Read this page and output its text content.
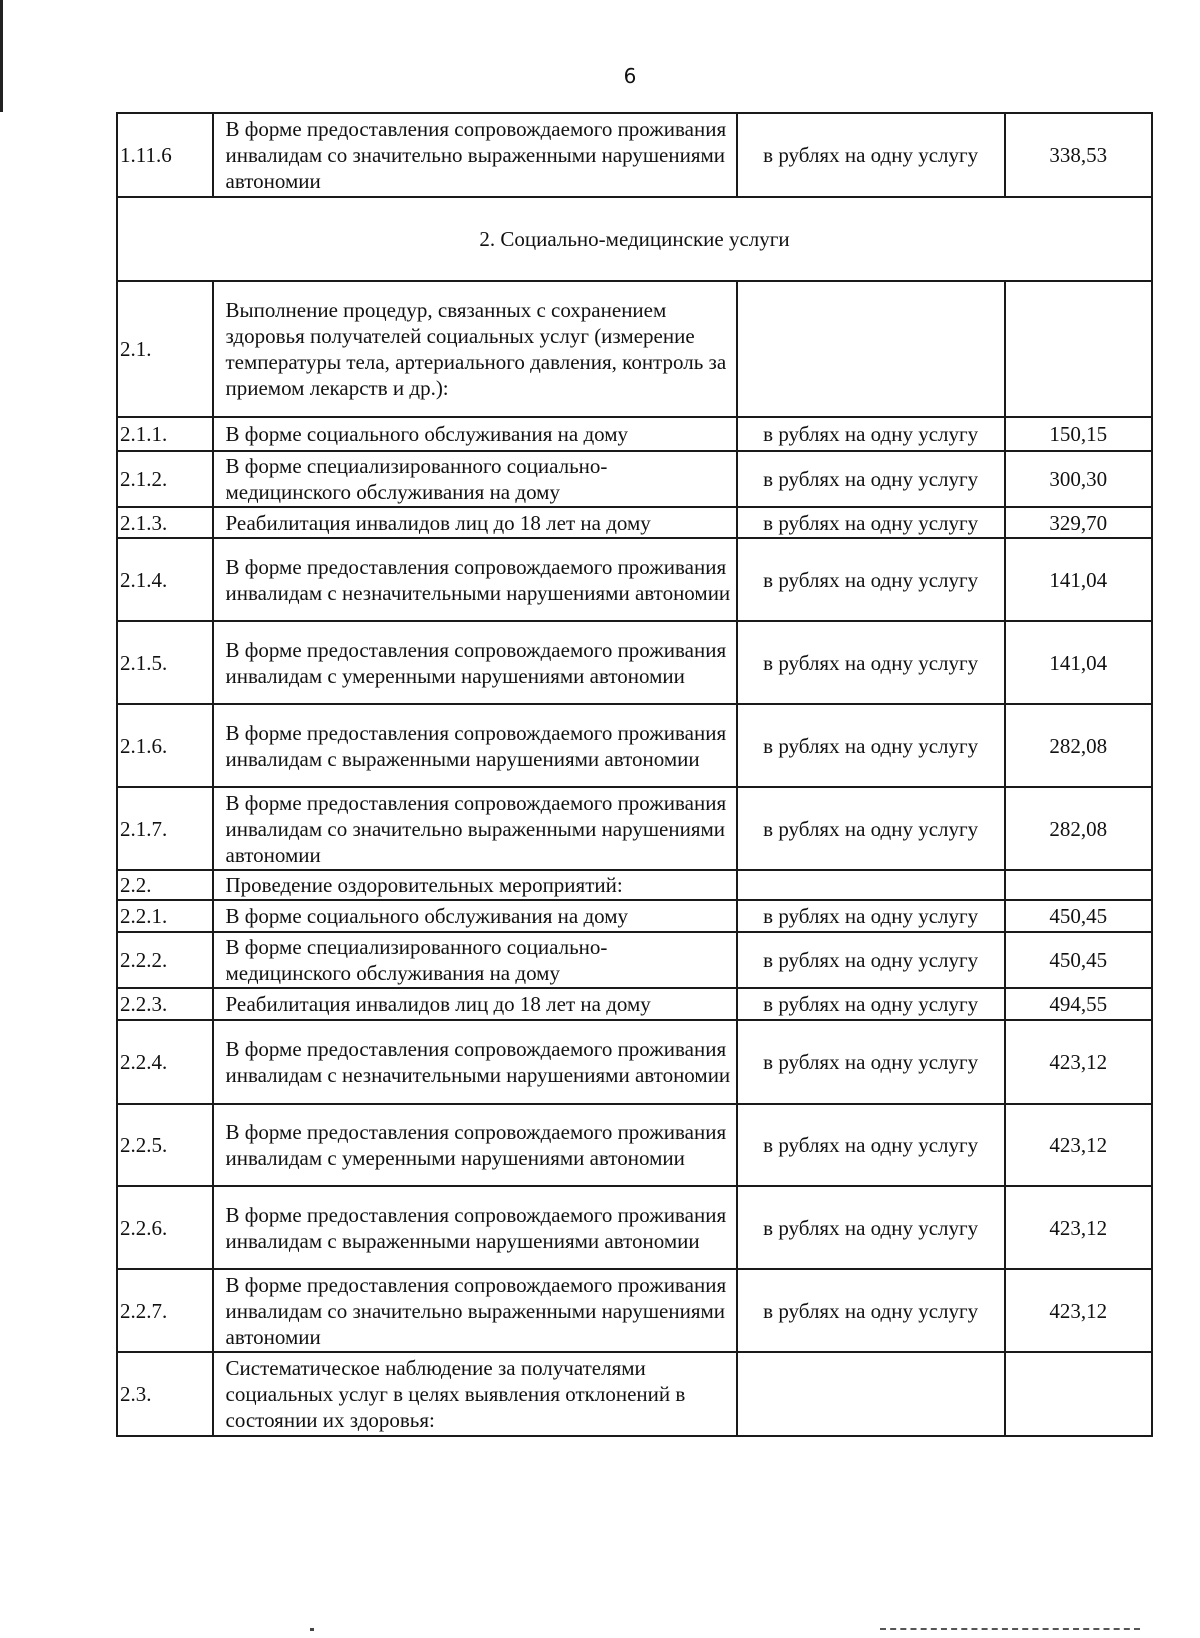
6
1.11.6	В форме предоставления сопровождаемого проживания инвалидам со значительно выраженными нарушениями автономии	в рублях на одну услугу	338,53
2. Социально-медицинские услуги			
2.1.	Выполнение процедур, связанных с сохранением здоровья получателей социальных услуг (измерение температуры тела, артериального давления, контроль за приемом лекарств и др.):		
2.1.1.	В форме социального обслуживания на дому	в рублях на одну услугу	150,15
2.1.2.	В форме специализированного социально-медицинского обслуживания на дому	в рублях на одну услугу	300,30
2.1.3.	Реабилитация инвалидов лиц до 18 лет на дому	в рублях на одну услугу	329,70
2.1.4.	В форме предоставления сопровождаемого проживания инвалидам с незначительными нарушениями автономии	в рублях на одну услугу	141,04
2.1.5.	В форме предоставления сопровождаемого проживания инвалидам с умеренными нарушениями автономии	в рублях на одну услугу	141,04
2.1.6.	В форме предоставления сопровождаемого проживания инвалидам с выраженными нарушениями автономии	в рублях на одну услугу	282,08
2.1.7.	В форме предоставления сопровождаемого проживания инвалидам со значительно выраженными нарушениями автономии	в рублях на одну услугу	282,08
2.2.	Проведение оздоровительных мероприятий:		
2.2.1.	В форме социального обслуживания на дому	в рублях на одну услугу	450,45
2.2.2.	В форме специализированного социально-медицинского обслуживания на дому	в рублях на одну услугу	450,45
2.2.3.	Реабилитация инвалидов лиц до 18 лет на дому	в рублях на одну услугу	494,55
2.2.4.	В форме предоставления сопровождаемого проживания инвалидам с незначительными нарушениями автономии	в рублях на одну услугу	423,12
2.2.5.	В форме предоставления сопровождаемого проживания инвалидам с умеренными нарушениями автономии	в рублях на одну услугу	423,12
2.2.6.	В форме предоставления сопровождаемого проживания инвалидам с выраженными нарушениями автономии	в рублях на одну услугу	423,12
2.2.7.	В форме предоставления сопровождаемого проживания инвалидам со значительно выраженными нарушениями автономии	в рублях на одну услугу	423,12
2.3.	Систематическое наблюдение за получателями социальных услуг в целях выявления отклонений в состоянии их здоровья:		
